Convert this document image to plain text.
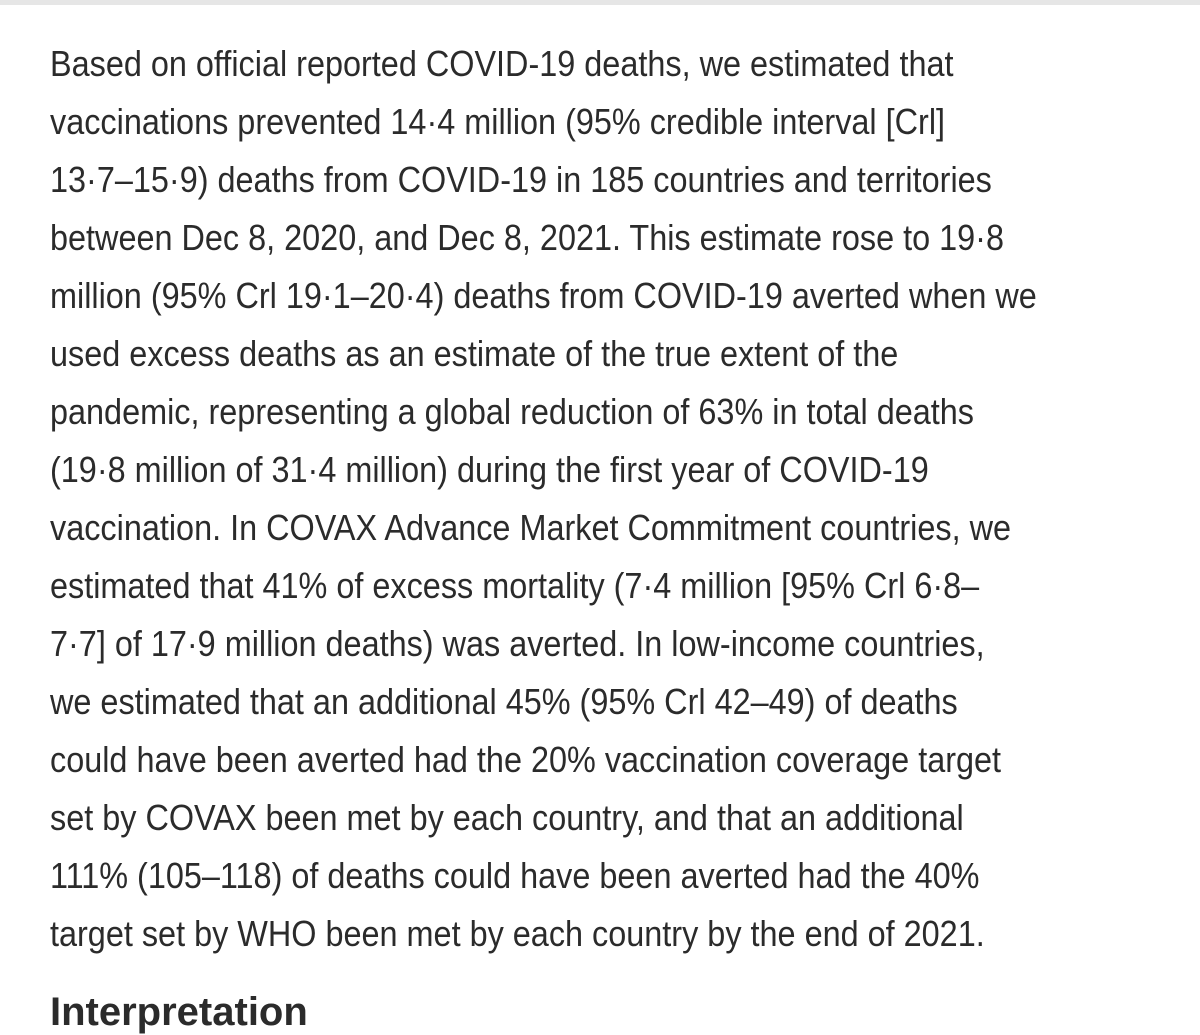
Based on official reported COVID-19 deaths, we estimated that
vaccinations prevented 14·4 million (95% credible interval [Crl]
13·7–15·9) deaths from COVID-19 in 185 countries and territories
between Dec 8, 2020, and Dec 8, 2021. This estimate rose to 19·8
million (95% Crl 19·1–20·4) deaths from COVID-19 averted when we
used excess deaths as an estimate of the true extent of the
pandemic, representing a global reduction of 63% in total deaths
(19·8 million of 31·4 million) during the first year of COVID-19
vaccination. In COVAX Advance Market Commitment countries, we
estimated that 41% of excess mortality (7·4 million [95% Crl 6·8–
7·7] of 17·9 million deaths) was averted. In low-income countries,
we estimated that an additional 45% (95% Crl 42–49) of deaths
could have been averted had the 20% vaccination coverage target
set by COVAX been met by each country, and that an additional
111% (105–118) of deaths could have been averted had the 40%
target set by WHO been met by each country by the end of 2021.
Interpretation
